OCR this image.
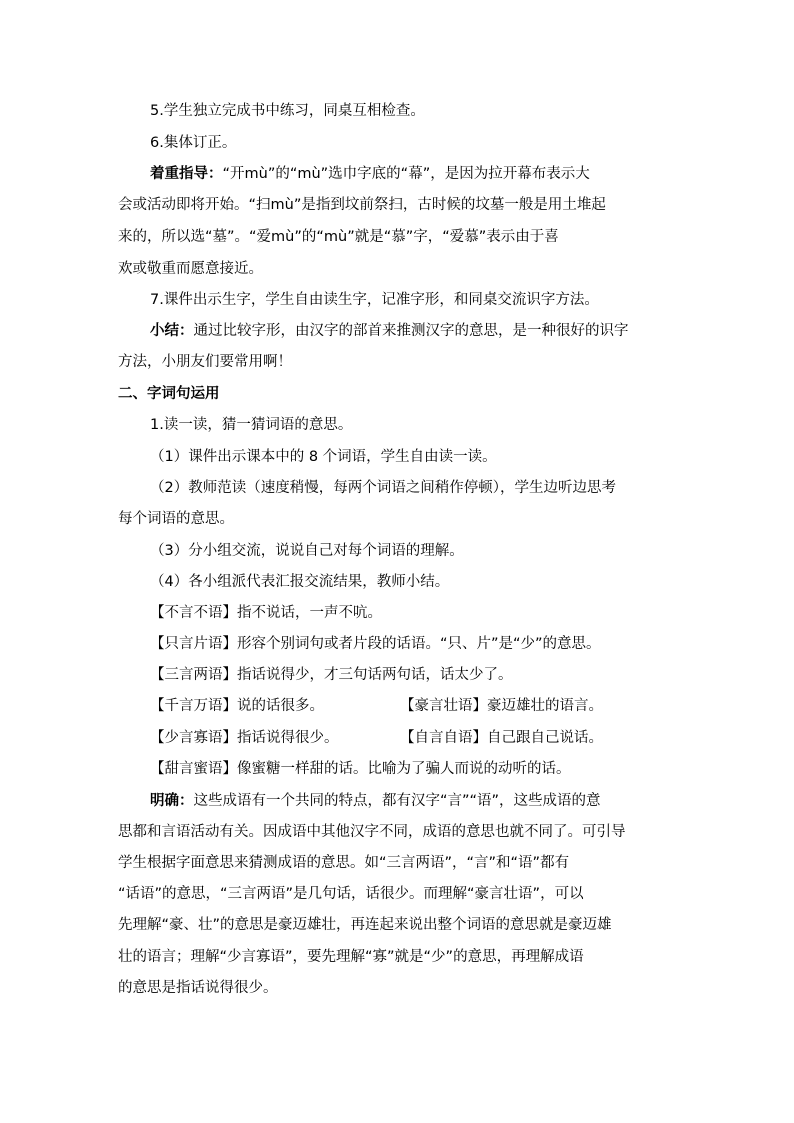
5.学生独立完成书中练习，同桌互相检查。
6.集体订正。
着重指导：“开mù”的“mù”选巾字底的“幕”，是因为拉开幕布表示大
会或活动即将开始。“扫mù”是指到坟前祭扫，古时候的坟墓一般是用土堆起
来的，所以选“墓”。“爱mù”的“mù”就是“慕”字，“爱慕”表示由于喜
欢或敬重而愿意接近。
7.课件出示生字，学生自由读生字，记准字形，和同桌交流识字方法。
小结：通过比较字形，由汉字的部首来推测汉字的意思，是一种很好的识字
方法，小朋友们要常用啊！
二、字词句运用
1.读一读，猜一猜词语的意思。
（1）课件出示课本中的 8 个词语，学生自由读一读。
（2）教师范读（速度稍慢，每两个词语之间稍作停顿），学生边听边思考
每个词语的意思。
（3）分小组交流，说说自己对每个词语的理解。
（4）各小组派代表汇报交流结果，教师小结。
【不言不语】指不说话，一声不吭。
【只言片语】形容个别词句或者片段的话语。“只、片”是“少”的意思。
【三言两语】指话说得少，才三句话两句话，话太少了。
【千言万语】说的话很多。	【豪言壮语】豪迈雄壮的语言。
【少言寡语】指话说得很少。	【自言自语】自己跟自己说话。
【甜言蜜语】像蜜糖一样甜的话。比喻为了骗人而说的动听的话。
明确：这些成语有一个共同的特点，都有汉字“言”“语”，这些成语的意
思都和言语活动有关。因成语中其他汉字不同，成语的意思也就不同了。可引导
学生根据字面意思来猜测成语的意思。如“三言两语”，“言”和“语”都有
“话语”的意思，“三言两语”是几句话，话很少。而理解“豪言壮语”，可以
先理解“豪、壮”的意思是豪迈雄壮，再连起来说出整个词语的意思就是豪迈雄
壮的语言；理解“少言寡语”，要先理解“寡”就是“少”的意思，再理解成语
的意思是指话说得很少。
